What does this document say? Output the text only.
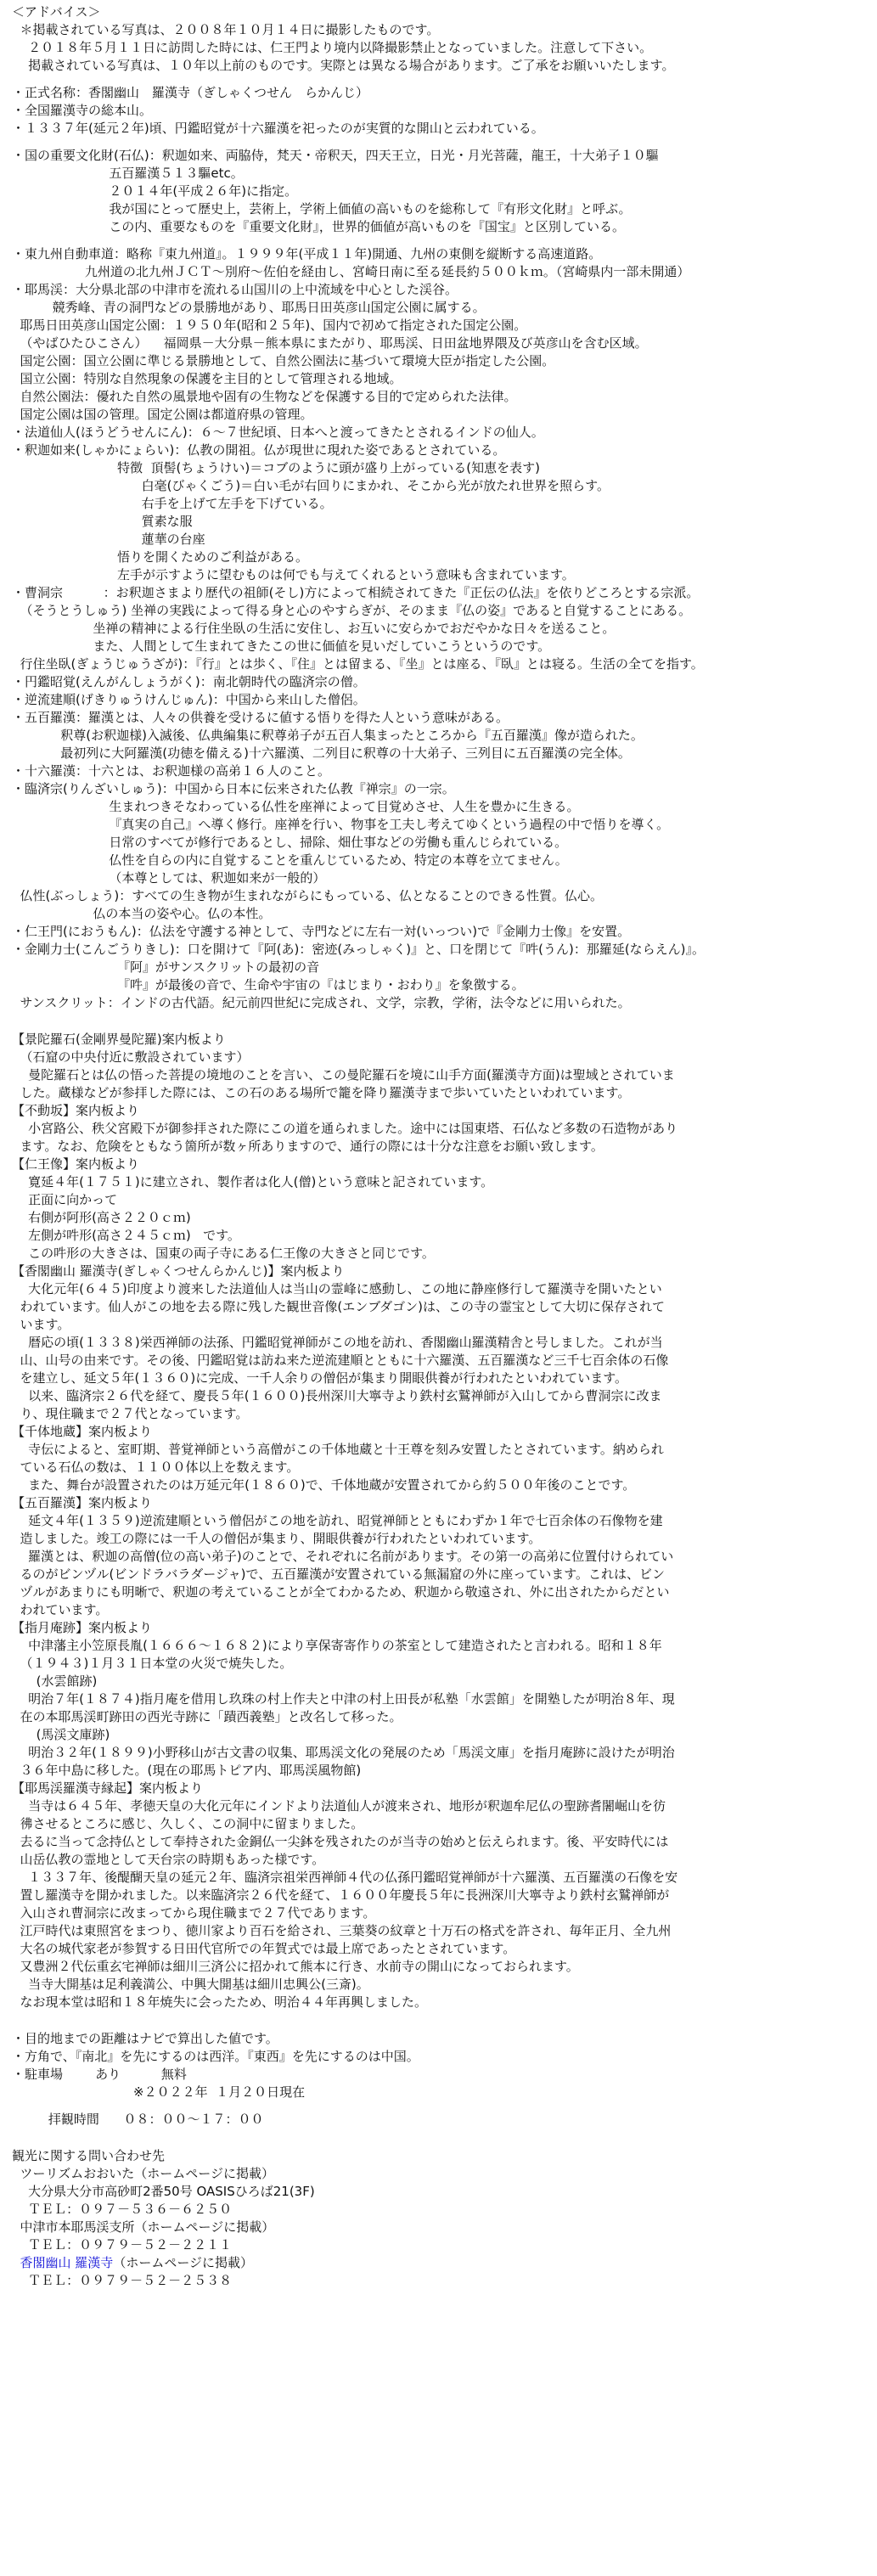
＜アドバイス＞
＊掲載されている写真は、２００８年１０月１４日に撮影したものです。
２０１８年５月１１日に訪問した時には、仁王門より境内以降撮影禁止となっていました。注意して下さい。
掲載されている写真は、１０年以上前のものです。実際とは異なる場合があります。ご了承をお願いいたします。
・正式名称：香閣幽山　羅漢寺（ぎしゃくつせん　らかんじ）
・全国羅漢寺の総本山。
・１３３７年(延元２年)頃、円鑑昭覚が十六羅漢を祀ったのが実質的な開山と云われている。
・国の重要文化財(石仏)：釈迦如来、両脇侍，梵天・帝釈天，四天王立，日光・月光菩薩，龍王，十大弟子１０驅
五百羅漢５１３驅etc。
２０１４年(平成２６年)に指定。
我が国にとって歴史上，芸術上，学術上価値の高いものを総称して『有形文化財』と呼ぶ。
この内、重要なものを『重要文化財』，世界的価値が高いものを『国宝』と区別している。
・東九州自動車道：略称『東九州道』。１９９９年(平成１１年)開通、九州の東側を縦断する高速道路。
九州道の北九州ＪＣＴ～別府～佐伯を経由し、宮崎日南に至る延長約５００ｋｍ。（宮崎県内一部未開通）
・耶馬渓：大分県北部の中津市を流れる山国川の上中流域を中心とした渓谷。
競秀峰、青の洞門などの景勝地があり、耶馬日田英彦山国定公園に属する。
耶馬日田英彦山国定公園：１９５０年(昭和２５年)、国内で初めて指定された国定公園。
（やばひたひこさん）    福岡県－大分県－熊本県にまたがり、耶馬渓、日田盆地界隈及び英彦山を含む区域。
国定公園：国立公園に準じる景勝地として、自然公園法に基づいて環境大臣が指定した公園。
国立公園：特別な自然現象の保護を主目的として管理される地域。
自然公園法：優れた自然の風景地や固有の生物などを保護する目的で定められた法律。
国定公園は国の管理。国定公園は都道府県の管理。
・法道仙人(ほうどうせんにん)：６～７世紀頃、日本へと渡ってきたとされるインドの仙人。
・釈迦如来(しゃかにょらい)：仏教の開祖。仏が現世に現れた姿であるとされている。
特徴  頂髻(ちょうけい)＝コブのように頭が盛り上がっている(知恵を表す)
白毫(びゃくごう)＝白い毛が右回りにまかれ、そこから光が放たれ世界を照らす。
右手を上げて左手を下げている。
質素な服
蓮華の台座
悟りを開くためのご利益がある。
左手が示すように望むものは何でも与えてくれるという意味も含まれています。
・曹洞宗          ：お釈迦さまより歴代の祖師(そし)方によって相続されてきた『正伝の仏法』を依りどころとする宗派。
（そうとうしゅう) 坐禅の実践によって得る身と心のやすらぎが、そのまま『仏の姿』であると自覚することにある。
坐禅の精神による行住坐臥の生活に安住し、お互いに安らかでおだやかな日々を送ること。
また、人間として生まれてきたこの世に価値を見いだしていこうというのです。
行住坐臥(ぎょうじゅうざが)：『行』とは歩く、『住』とは留まる、『坐』とは座る、『臥』とは寝る。生活の全てを指す。
・円鑑昭覚(えんがんしょうがく)：南北朝時代の臨済宗の僧。
・逆流建順(げきりゅうけんじゅん)：中国から来山した僧侶。
・五百羅漢：羅漢とは、人々の供養を受けるに値する悟りを得た人という意味がある。
釈尊(お釈迦様)入滅後、仏典編集に釈尊弟子が五百人集まったところから『五百羅漢』像が造られた。
最初列に大阿羅漢(功徳を備える)十六羅漢、二列目に釈尊の十大弟子、三列目に五百羅漢の完全体。
・十六羅漢：十六とは、お釈迦様の高弟１６人のこと。
・臨済宗(りんざいしゅう)：中国から日本に伝来された仏教『禅宗』の一宗。
生まれつきそなわっている仏性を座禅によって目覚めさせ、人生を豊かに生きる。
『真実の自己』へ導く修行。座禅を行い、物事を工夫し考えてゆくという過程の中で悟りを導く。
日常のすべてが修行であるとし、掃除、畑仕事などの労働も重んじられている。
仏性を自らの内に自覚することを重んじているため、特定の本尊を立てません。
（本尊としては、釈迦如来が一般的）
仏性(ぶっしょう)：すべての生き物が生まれながらにもっている、仏となることのできる性質。仏心。
仏の本当の姿や心。仏の本性。
・仁王門(におうもん)：仏法を守護する神として、寺門などに左右一対(いっつい)で『金剛力士像』を安置。
・金剛力士(こんごうりきし)：口を開けて『阿(あ)：密迹(みっしゃく)』と、口を閉じて『吽(うん)：那羅延(ならえん)』。
『阿』がサンスクリットの最初の音
『吽』が最後の音で、生命や宇宙の『はじまり・おわり』を象徴する。
サンスクリット：インドの古代語。紀元前四世紀に完成され、文学，宗教，学術，法令などに用いられた。
【景陀羅石(金剛界曼陀羅)案内板より
（石窟の中央付近に敷設されています）
曼陀羅石とは仏の悟った菩提の境地のことを言い、この曼陀羅石を境に山手方面(羅漢寺方面)は聖域とされていま
した。蔵様などが参拝した際には、この石のある場所で籠を降り羅漢寺まで歩いていたといわれています。
【不動坂】案内板より
小宮路公、秩父宮殿下が御参拝された際にこの道を通られました。途中には国東塔、石仏など多数の石造物があり
ます。なお、危険をともなう箇所が数ヶ所ありますので、通行の際には十分な注意をお願い致します。
【仁王像】案内板より
寛延４年(１７５１)に建立され、製作者は化人(僧)という意味と記されています。
正面に向かって
右側が阿形(高さ２２０ｃｍ)
左側が吽形(高さ２４５ｃｍ)   です。
この吽形の大きさは、国東の両子寺にある仁王像の大きさと同じです。
【香閣幽山 羅漢寺(ぎしゃくつせんらかんじ)】案内板より
大化元年(６４５)印度より渡来した法道仙人は当山の霊峰に感動し、この地に静座修行して羅漢寺を開いたとい
われています。仙人がこの地を去る際に残した観世音像(エンブダゴン)は、この寺の霊宝として大切に保存されて
います。
暦応の頃(１３３８)栄西禅師の法孫、円鑑昭覚禅師がこの地を訪れ、香閣幽山羅漢精舎と号しました。これが当
山、山号の由来です。その後、円鑑昭覚は訪ね来た逆流建順とともに十六羅漢、五百羅漢など三千七百余体の石像
を建立し、延文５年(１３６０)に完成、一千人余りの僧侶が集まり開眼供養が行われたといわれています。
以来、臨済宗２６代を経て、慶長５年(１６００)長州深川大寧寺より鉄村玄鷲禅師が入山してから曹洞宗に改ま
り、現住職まで２７代となっています。
【千体地蔵】案内板より
寺伝によると、室町期、普覚禅師という高僧がこの千体地蔵と十王尊を刻み安置したとされています。納められ
ている石仏の数は、１１００体以上を数えます。
また、舞台が設置されたのは万延元年(１８６０)で、千体地蔵が安置されてから約５００年後のことです。
【五百羅漢】案内板より
延文４年(１３５９)逆流建順という僧侶がこの地を訪れ、昭覚禅師とともにわずか１年で七百余体の石像物を建
造しました。竣工の際には一千人の僧侶が集まり、開眼供養が行われたといわれています。
羅漢とは、釈迦の高僧(位の高い弟子)のことで、それぞれに名前があります。その第一の高弟に位置付けられてい
るのがビンヅル(ビンドラバラダージャ)で、五百羅漢が安置されている無漏窟の外に座っています。これは、ビン
ヅルがあまりにも明晰で、釈迦の考えていることが全てわかるため、釈迦から敬遠され、外に出されたからだとい
われています。
【指月庵跡】案内板より
中津藩主小笠原長胤(１６６６～１６８２)により享保寄寄作りの茶室として建造されたと言われる。昭和１８年
（１９４３)１月３１日本堂の火災で焼失した。
(水雲館跡)
明治７年(１８７４)指月庵を借用し玖珠の村上作夫と中津の村上田長が私塾「水雲館」を開塾したが明治８年、現
在の本耶馬渓町跡田の西光寺跡に「蹟西義塾」と改名して移った。
(馬渓文庫跡)
明治３２年(１８９９)小野移山が古文書の収集、耶馬渓文化の発展のため「馬渓文庫」を指月庵跡に設けたが明治
３６年中島に移した。(現在の耶馬トピア内、耶馬渓風物館)
【耶馬渓羅漢寺縁起】案内板より
当寺は６４５年、孝徳天皇の大化元年にインドより法道仙人が渡来され、地形が釈迦牟尼仏の聖跡耆闍崛山を彷
彿させるところに感じ、久しく、この洞中に留まりました。
去るに当って念持仏として奉持された金銅仏一尖鉢を残されたのが当寺の始めと伝えられます。後、平安時代には
山岳仏教の霊地として天台宗の時期もあった様です。
１３３７年、後醍醐天皇の延元２年、臨済宗祖栄西禅師４代の仏孫円鑑昭覚禅師が十六羅漢、五百羅漢の石像を安
置し羅漢寺を開かれました。以来臨済宗２６代を経て、１６００年慶長５年に長洲深川大寧寺より鉄村玄鷲禅師が
入山され曹洞宗に改まってから現住職まで２７代であります。
江戸時代は東照宮をまつり、徳川家より百石を給され、三葉葵の紋章と十万石の格式を許され、毎年正月、全九州
大名の城代家老が参賀する日田代官所での年賀式では最上席であったとされています。
又豊洲２代伝重玄宅禅師は細川三済公に招かれて熊本に行き、水前寺の開山になっておられます。
当寺大開基は足利義満公、中興大開基は細川忠興公(三斎)。
なお現本堂は昭和１８年焼失に会ったため、明治４４年再興しました。
・目的地までの距離はナビで算出した値です。
・方角で、『南北』を先にするのは西洋。『東西』を先にするのは中国。
・駐車場        あり          無料
※２０２２年  １月２０日現在
拝観時間      ０８：００～１７：００
観光に関する問い合わせ先
ツーリズムおおいた（ホームページに掲載）
大分県大分市高砂町2番50号 OASISひろば21(3F)
ＴＥＬ：０９７－５３６－６２５０
中津市本耶馬渓支所（ホームページに掲載）
ＴＥＬ：０９７９－５２－２２１１
香閣幽山 羅漢寺（ホームページに掲載）
ＴＥＬ：０９７９－５２－２５３８
